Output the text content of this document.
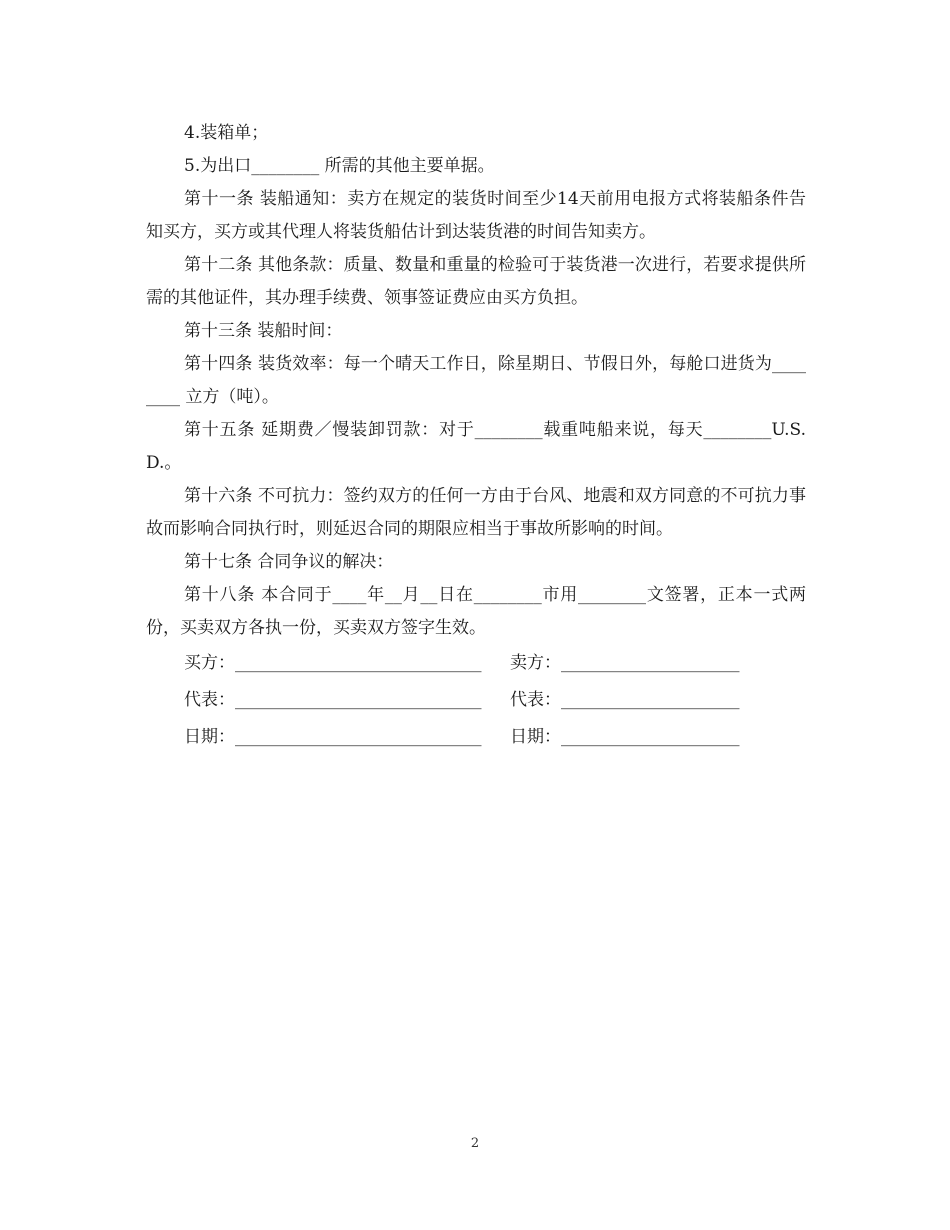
4.装箱单；

5.为出口________ 所需的其他主要单据。

第十一条 装船通知：卖方在规定的装货时间至少14天前用电报方式将装船条件告知买方，买方或其代理人将装货船估计到达装货港的时间告知卖方。

第十二条 其他条款：质量、数量和重量的检验可于装货港一次进行，若要求提供所需的其他证件，其办理手续费、领事签证费应由买方负担。

第十三条 装船时间：

第十四条 装货效率：每一个晴天工作日，除星期日、节假日外，每舱口进货为________ 立方（吨）。

第十五条 延期费／慢装卸罚款：对于________载重吨船来说，每天________U.S.D.。

第十六条 不可抗力：签约双方的任何一方由于台风、地震和双方同意的不可抗力事故而影响合同执行时，则延迟合同的期限应相当于事故所影响的时间。

第十七条 合同争议的解决：

第十八条 本合同于____年__月__日在________市用________文签署，正本一式两份，买卖双方各执一份，买卖双方签字生效。

买方：_____________________________	卖方：_____________________
代表：_____________________________	代表：_____________________
日期：_____________________________	日期：_____________________
2
